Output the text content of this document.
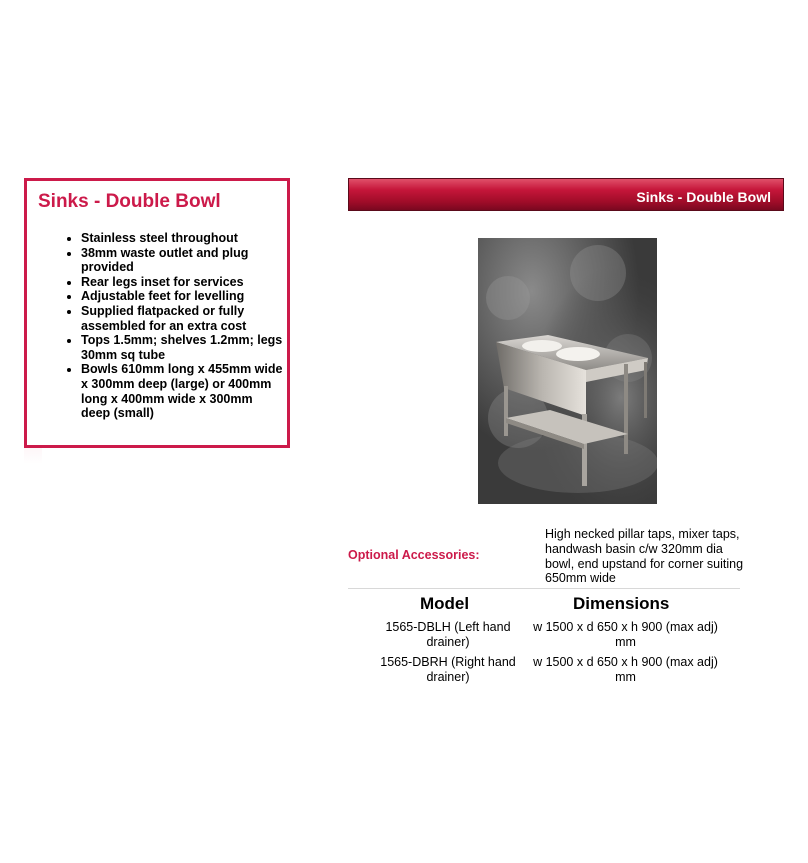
Sinks - Double Bowl
• Stainless steel throughout
• 38mm waste outlet and plug provided
• Rear legs inset for services
• Adjustable feet for levelling
• Supplied flatpacked or fully assembled for an extra cost
• Tops 1.5mm; shelves 1.2mm; legs 30mm sq tube
• Bowls 610mm long x 455mm wide x 300mm deep (large) or 400mm long x 400mm wide x 300mm deep (small)
Sinks - Double Bowl
Optional Accessories:
High necked pillar taps, mixer taps, handwash basin c/w 320mm dia bowl, end upstand for corner suiting 650mm wide
Model	Dimensions
1565-DBLH (Left hand drainer)
w 1500 x d 650 x h 900 (max adj) mm
1565-DBRH (Right hand drainer)
w 1500 x d 650 x h 900 (max adj) mm
